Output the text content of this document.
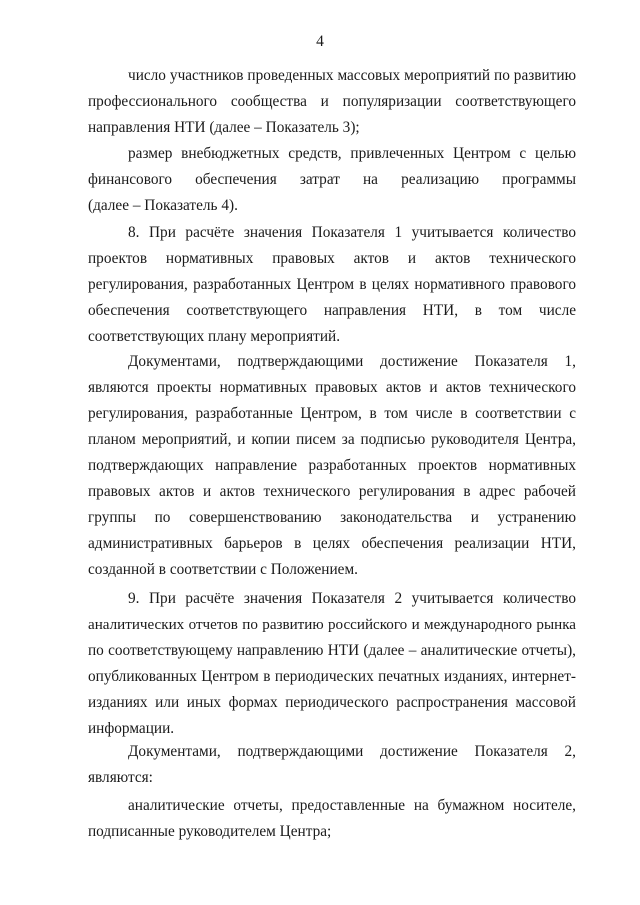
4
число участников проведенных массовых мероприятий по развитию
профессионального сообщества и популяризации соответствующего
направления НТИ (далее – Показатель 3);
размер внебюджетных средств, привлеченных Центром с целью
финансового обеспечения затрат на реализацию программы
(далее – Показатель 4).
8. При расчёте значения Показателя 1 учитывается количество
проектов нормативных правовых актов и актов технического
регулирования, разработанных Центром в целях нормативного правового
обеспечения соответствующего направления НТИ, в том числе
соответствующих плану мероприятий.
Документами, подтверждающими достижение Показателя 1,
являются проекты нормативных правовых актов и актов технического
регулирования, разработанные Центром, в том числе в соответствии с
планом мероприятий, и копии писем за подписью руководителя Центра,
подтверждающих направление разработанных проектов нормативных
правовых актов и актов технического регулирования в адрес рабочей
группы по совершенствованию законодательства и устранению
административных барьеров в целях обеспечения реализации НТИ,
созданной в соответствии с Положением.
9. При расчёте значения Показателя 2 учитывается количество
аналитических отчетов по развитию российского и международного рынка
по соответствующему направлению НТИ (далее – аналитические отчеты),
опубликованных Центром в периодических печатных изданиях, интернет-
изданиях или иных формах периодического распространения массовой
информации.
Документами, подтверждающими достижение Показателя 2,
являются:
аналитические отчеты, предоставленные на бумажном носителе,
подписанные руководителем Центра;
